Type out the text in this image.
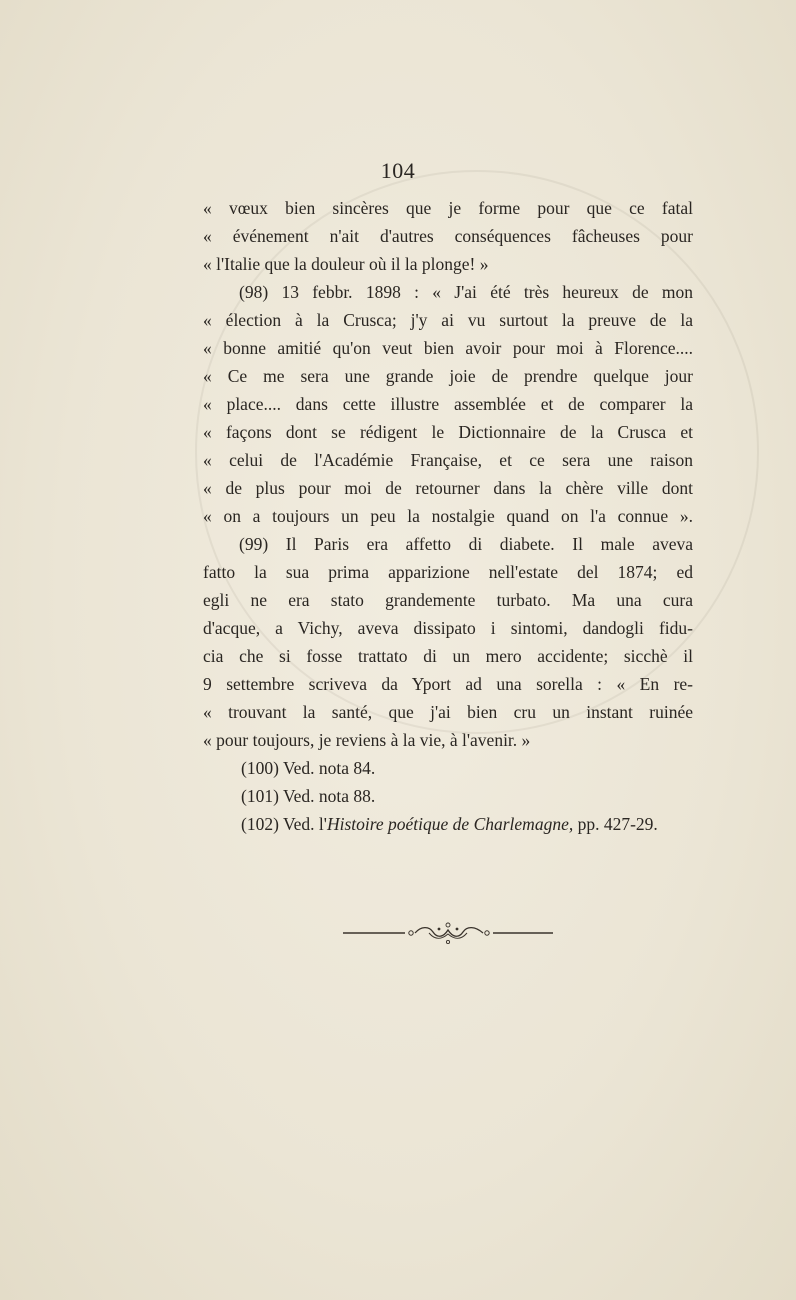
104
« vœux bien sincères que je forme pour que ce fatal
« événement n'ait d'autres conséquences fâcheuses pour
« l'Italie que la douleur où il la plonge! »
(98) 13 febbr. 1898 : « J'ai été très heureux de mon
« élection à la Crusca; j'y ai vu surtout la preuve de la
« bonne amitié qu'on veut bien avoir pour moi à Florence....
« Ce me sera une grande joie de prendre quelque jour
« place.... dans cette illustre assemblée et de comparer la
« façons dont se rédigent le Dictionnaire de la Crusca et
« celui de l'Académie Française, et ce sera une raison
« de plus pour moi de retourner dans la chère ville dont
« on a toujours un peu la nostalgie quand on l'a connue ».
(99) Il Paris era affetto di diabete. Il male aveva
fatto la sua prima apparizione nell'estate del 1874; ed
egli ne era stato grandemente turbato. Ma una cura
d'acque, a Vichy, aveva dissipato i sintomi, dandogli fidu-
cia che si fosse trattato di un mero accidente; sicchè il
9 settembre scriveva da Yport ad una sorella : « En re-
« trouvant la santé, que j'ai bien cru un instant ruinée
« pour toujours, je reviens à la vie, à l'avenir. »
(100) Ved. nota 84.
(101) Ved. nota 88.
(102) Ved. l'Histoire poétique de Charlemagne, pp. 427-29.
